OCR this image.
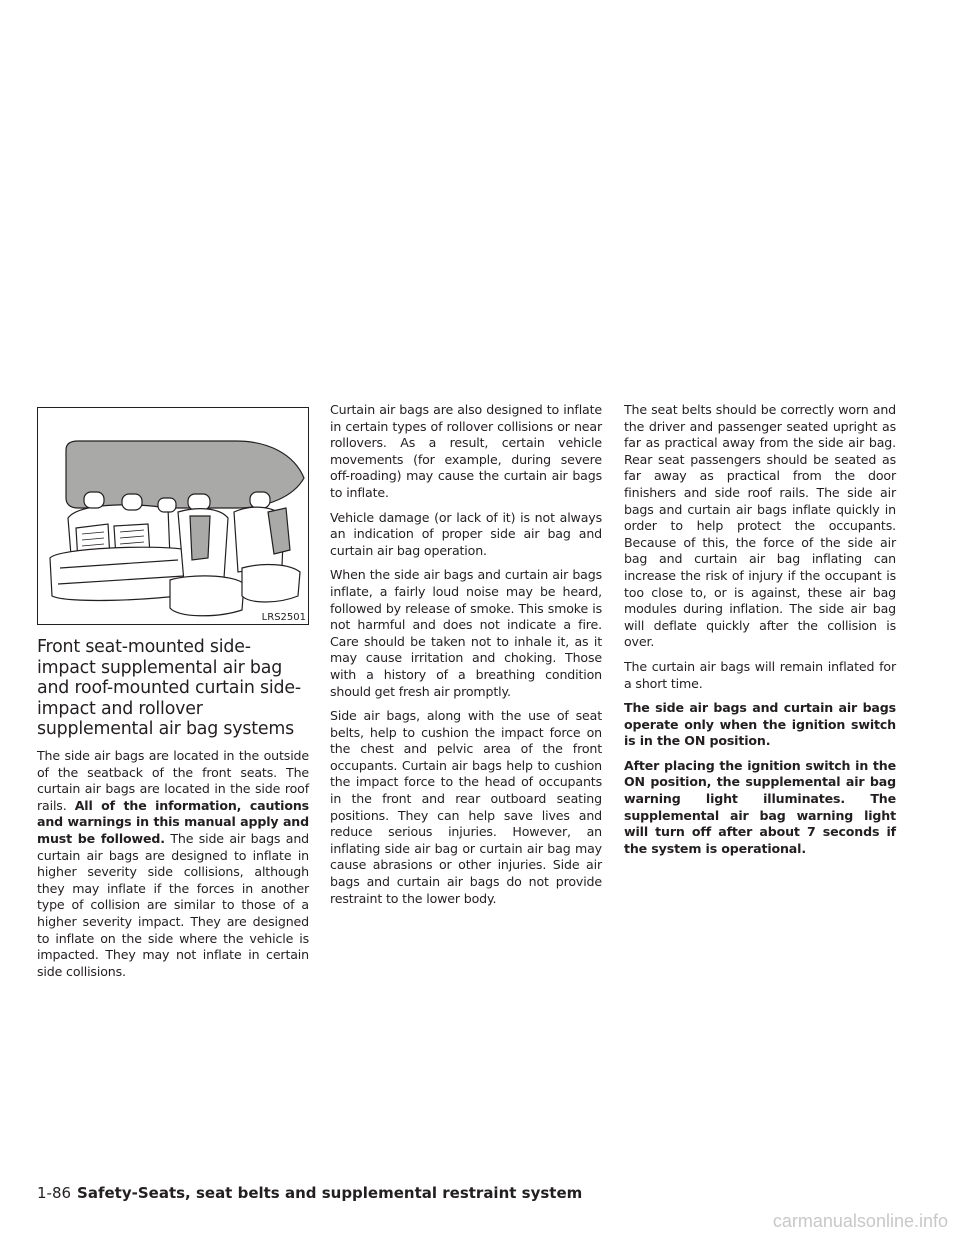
LRS2501
Front seat-mounted side-impact supplemental air bag and roof-mounted curtain side-impact and rollover supplemental air bag systems

The side air bags are located in the outside of the seatback of the front seats. The curtain air bags are located in the side roof rails. All of the information, cautions and warnings in this manual apply and must be followed. The side air bags and curtain air bags are designed to inflate in higher severity side collisions, although they may inflate if the forces in another type of collision are similar to those of a higher severity impact. They are designed to inflate on the side where the vehicle is impacted. They may not inflate in certain side collisions.

Curtain air bags are also designed to inflate in certain types of rollover collisions or near rollovers. As a result, certain vehicle movements (for example, during severe off-roading) may cause the curtain air bags to inflate.

Vehicle damage (or lack of it) is not always an indication of proper side air bag and curtain air bag operation.

When the side air bags and curtain air bags inflate, a fairly loud noise may be heard, followed by release of smoke. This smoke is not harmful and does not indicate a fire. Care should be taken not to inhale it, as it may cause irritation and choking. Those with a history of a breathing condition should get fresh air promptly.

Side air bags, along with the use of seat belts, help to cushion the impact force on the chest and pelvic area of the front occupants. Curtain air bags help to cushion the impact force to the head of occupants in the front and rear outboard seating positions. They can help save lives and reduce serious injuries. However, an inflating side air bag or curtain air bag may cause abrasions or other injuries. Side air bags and curtain air bags do not provide restraint to the lower body.

The seat belts should be correctly worn and the driver and passenger seated upright as far as practical away from the side air bag. Rear seat passengers should be seated as far away as practical from the door finishers and side roof rails. The side air bags and curtain air bags inflate quickly in order to help protect the occupants. Because of this, the force of the side air bag and curtain air bag inflating can increase the risk of injury if the occupant is too close to, or is against, these air bag modules during inflation. The side air bag will deflate quickly after the collision is over.

The curtain air bags will remain inflated for a short time.

The side air bags and curtain air bags operate only when the ignition switch is in the ON position.

After placing the ignition switch in the ON position, the supplemental air bag warning light illuminates. The supplemental air bag warning light will turn off after about 7 seconds if the system is operational.

1-86 Safety-Seats, seat belts and supplemental restraint system
carmanualsonline.info
